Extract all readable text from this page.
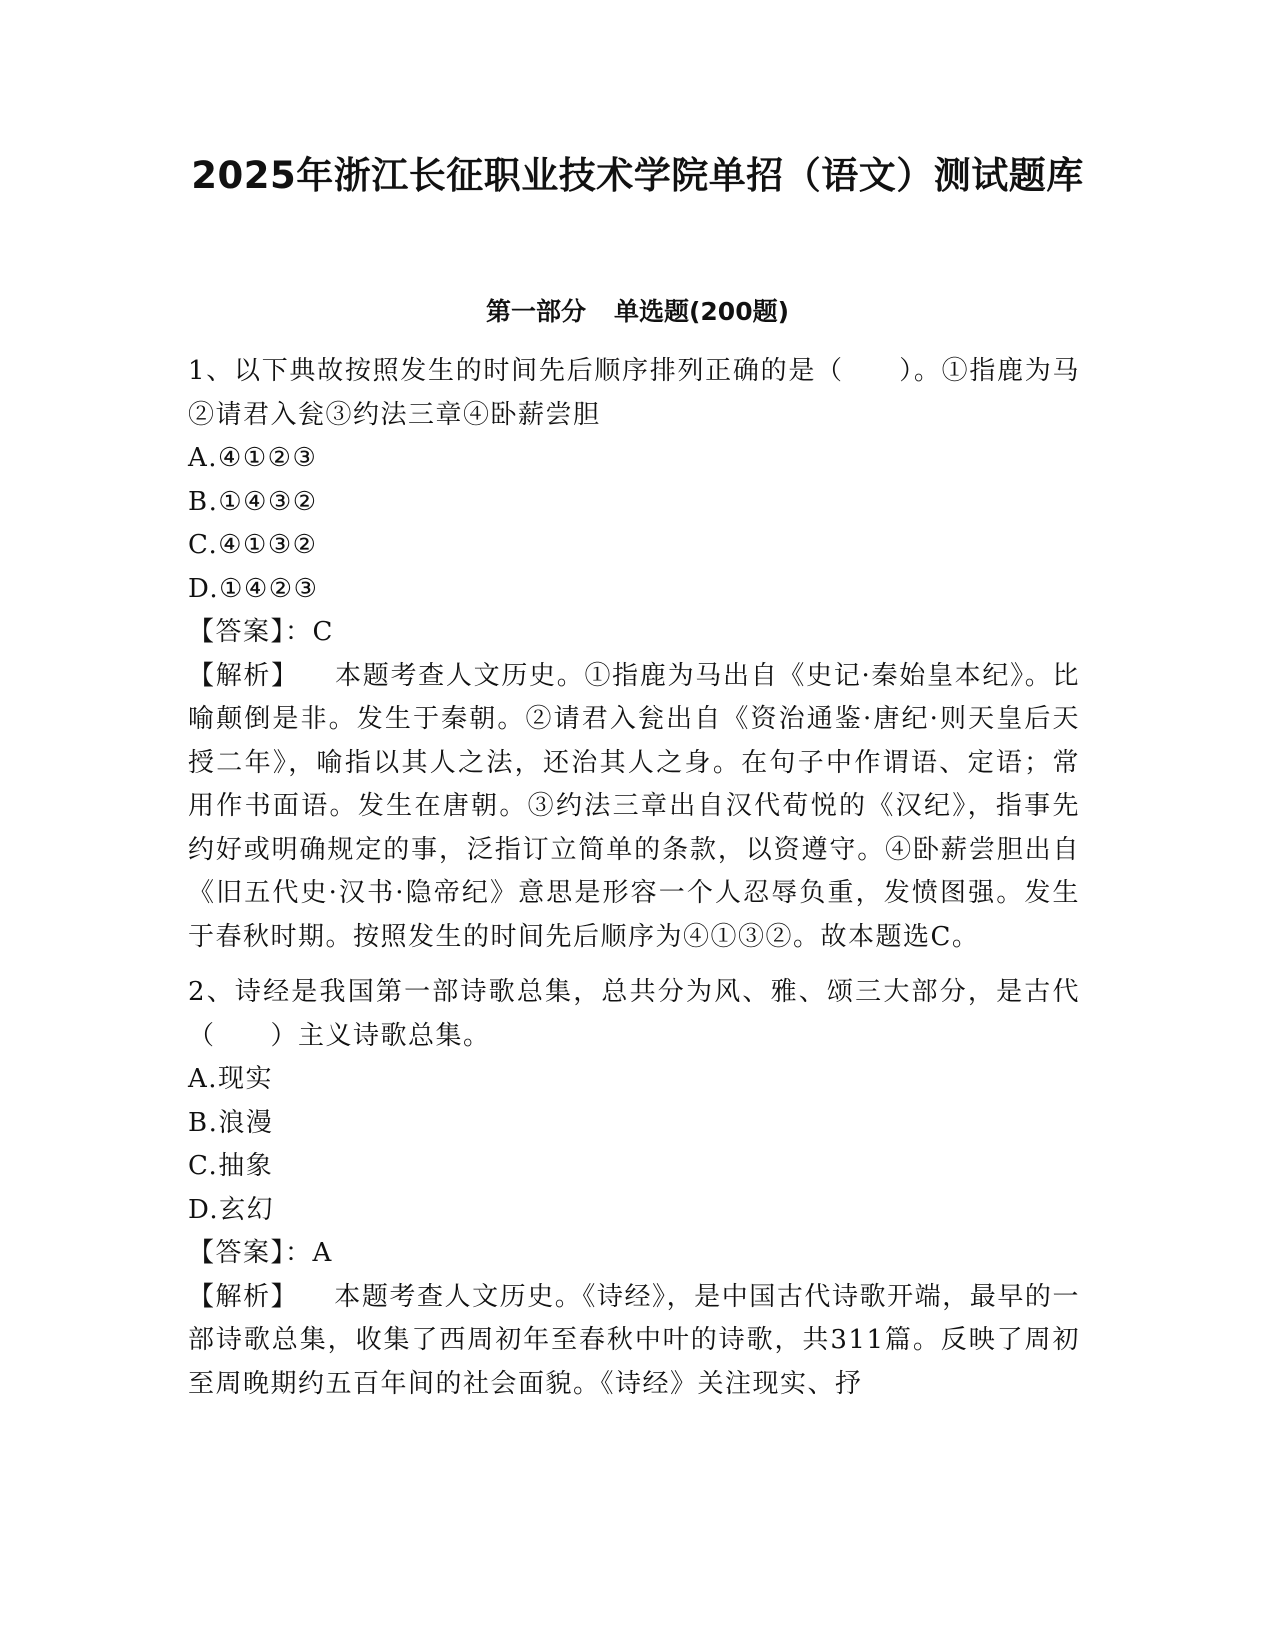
2025年浙江长征职业技术学院单招（语文）测试题库
第一部分 单选题(200题)

1、以下典故按照发生的时间先后顺序排列正确的是（　　）。①指鹿为马②请君入瓮③约法三章④卧薪尝胆

A.④①②③

B.①④③②

C.④①③②

D.①④②③

【答案】：C

【解析】 本题考查人文历史。①指鹿为马出自《史记·秦始皇本纪》。比喻颠倒是非。发生于秦朝。②请君入瓮出自《资治通鉴·唐纪·则天皇后天授二年》，喻指以其人之法，还治其人之身。在句子中作谓语、定语；常用作书面语。发生在唐朝。③约法三章出自汉代荀悦的《汉纪》，指事先约好或明确规定的事，泛指订立简单的条款，以资遵守。④卧薪尝胆出自《旧五代史·汉书·隐帝纪》意思是形容一个人忍辱负重，发愤图强。发生于春秋时期。按照发生的时间先后顺序为④①③②。故本题选C。

2、诗经是我国第一部诗歌总集，总共分为风、雅、颂三大部分，是古代（　　）主义诗歌总集。

A.现实

B.浪漫

C.抽象

D.玄幻

【答案】：A

【解析】 本题考查人文历史。《诗经》，是中国古代诗歌开端，最早的一部诗歌总集，收集了西周初年至春秋中叶的诗歌，共311篇。反映了周初至周晚期约五百年间的社会面貌。《诗经》关注现实、抒
